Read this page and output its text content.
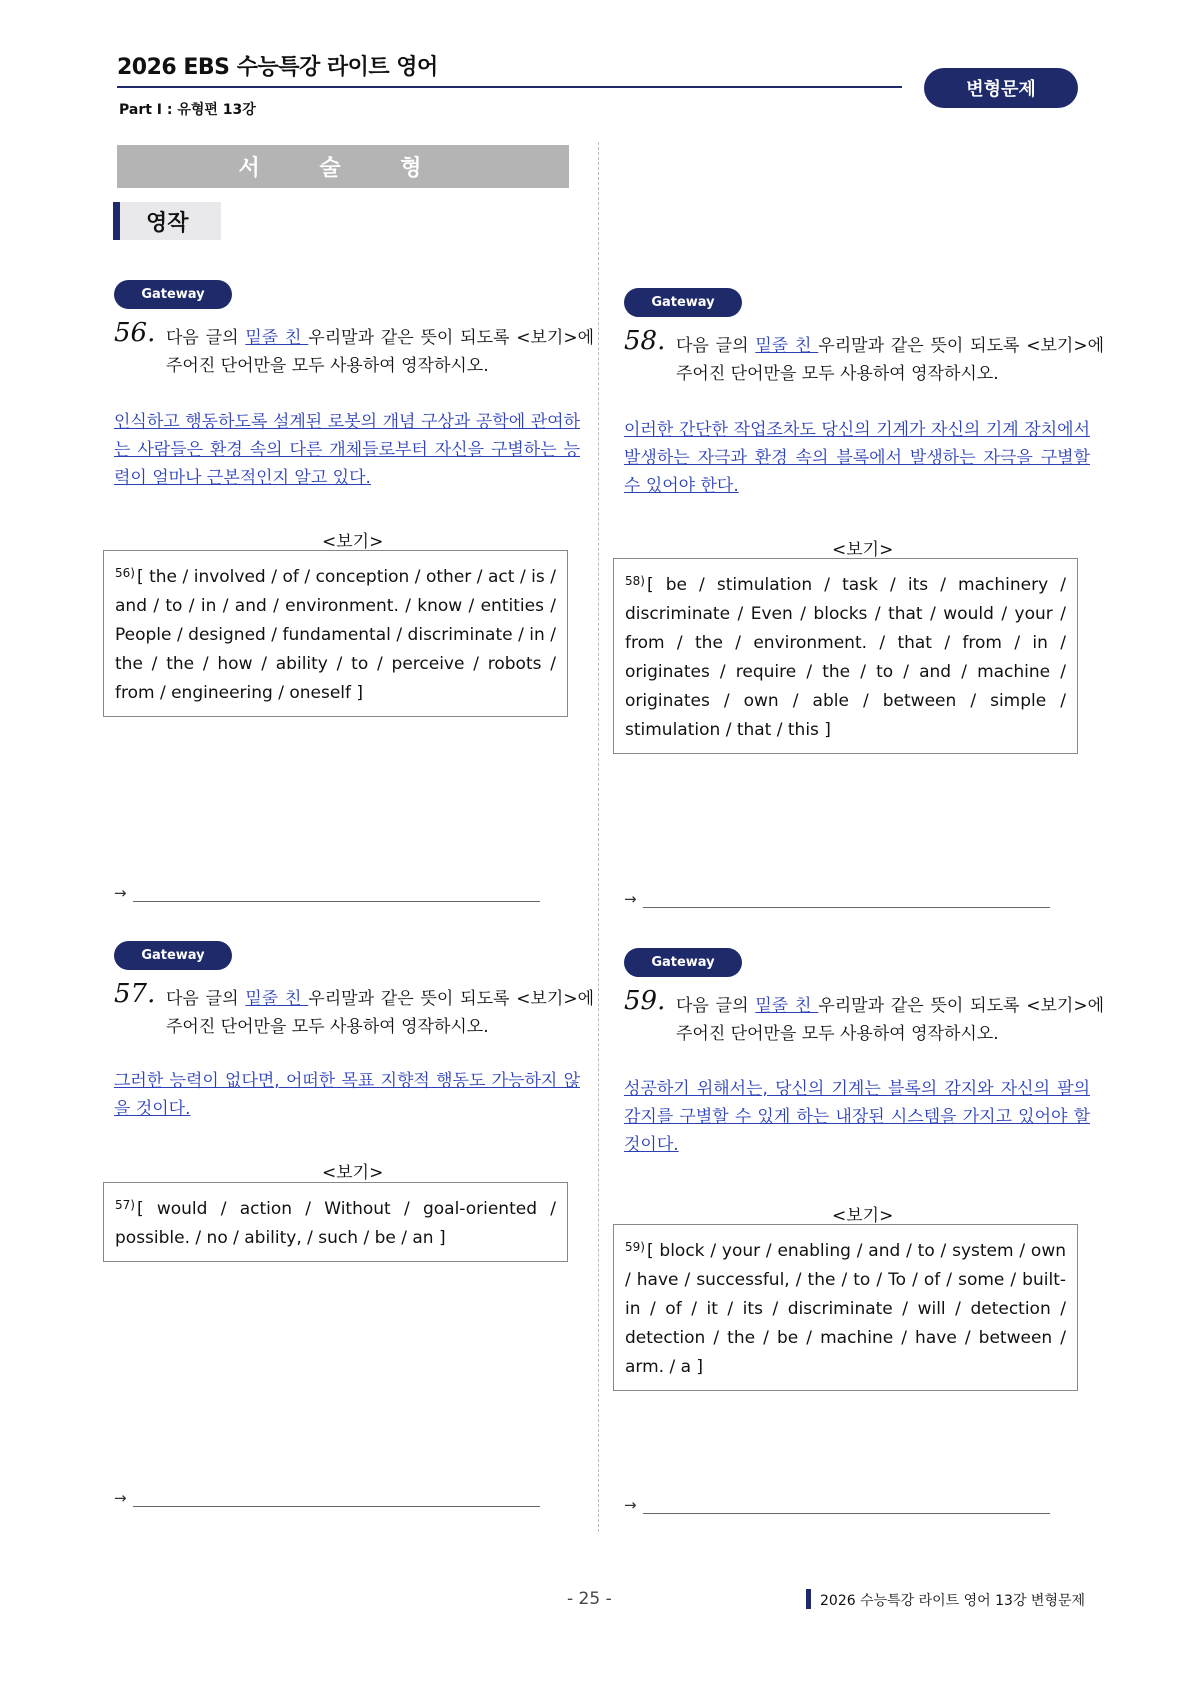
2026 EBS 수능특강 라이트 영어
Part Ⅰ : 유형편 13강
변형문제
서 술 형
영작
Gateway
56. 다음 글의 밑줄 친 우리말과 같은 뜻이 되도록 <보기>에 주어진 단어만을 모두 사용하여 영작하시오.
인식하고 행동하도록 설계된 로봇의 개념 구상과 공학에 관여하는 사람들은 환경 속의 다른 개체들로부터 자신을 구별하는 능력이 얼마나 근본적인지 알고 있다.
<보기>
$^{56)}$ [ the / involved / of / conception / other / act / is / and / to / in / and / environment. / know / entities / People / designed / fundamental / discriminate / in / the / the / how / ability / to / perceive / robots / from / engineering / oneself ]
→
Gateway
57. 다음 글의 밑줄 친 우리말과 같은 뜻이 되도록 <보기>에 주어진 단어만을 모두 사용하여 영작하시오.
그러한 능력이 없다면, 어떠한 목표 지향적 행동도 가능하지 않을 것이다.
<보기>
$^{57)}$ [ would / action / Without / goal-oriented / possible. / no / ability, / such / be / an ]
→
Gateway
58. 다음 글의 밑줄 친 우리말과 같은 뜻이 되도록 <보기>에 주어진 단어만을 모두 사용하여 영작하시오.
이러한 간단한 작업조차도 당신의 기계가 자신의 기계 장치에서 발생하는 자극과 환경 속의 블록에서 발생하는 자극을 구별할 수 있어야 한다.
<보기>
$^{58)}$ [ be / stimulation / task / its / machinery / discriminate / Even / blocks / that / would / your / from / the / environment. / that / from / in / originates / require / the / to / and / machine / originates / own / able / between / simple / stimulation / that / this ]
→
Gateway
59. 다음 글의 밑줄 친 우리말과 같은 뜻이 되도록 <보기>에 주어진 단어만을 모두 사용하여 영작하시오.
성공하기 위해서는, 당신의 기계는 블록의 감지와 자신의 팔의 감지를 구별할 수 있게 하는 내장된 시스템을 가지고 있어야 할 것이다.
<보기>
$^{59)}$ [ block / your / enabling / and / to / system / own / have / successful, / the / to / To / of / some / built-in / of / it / its / discriminate / will / detection / detection / the / be / machine / have / between / arm. / a ]
→
- 25 -	2026 수능특강 라이트 영어 13강 변형문제
